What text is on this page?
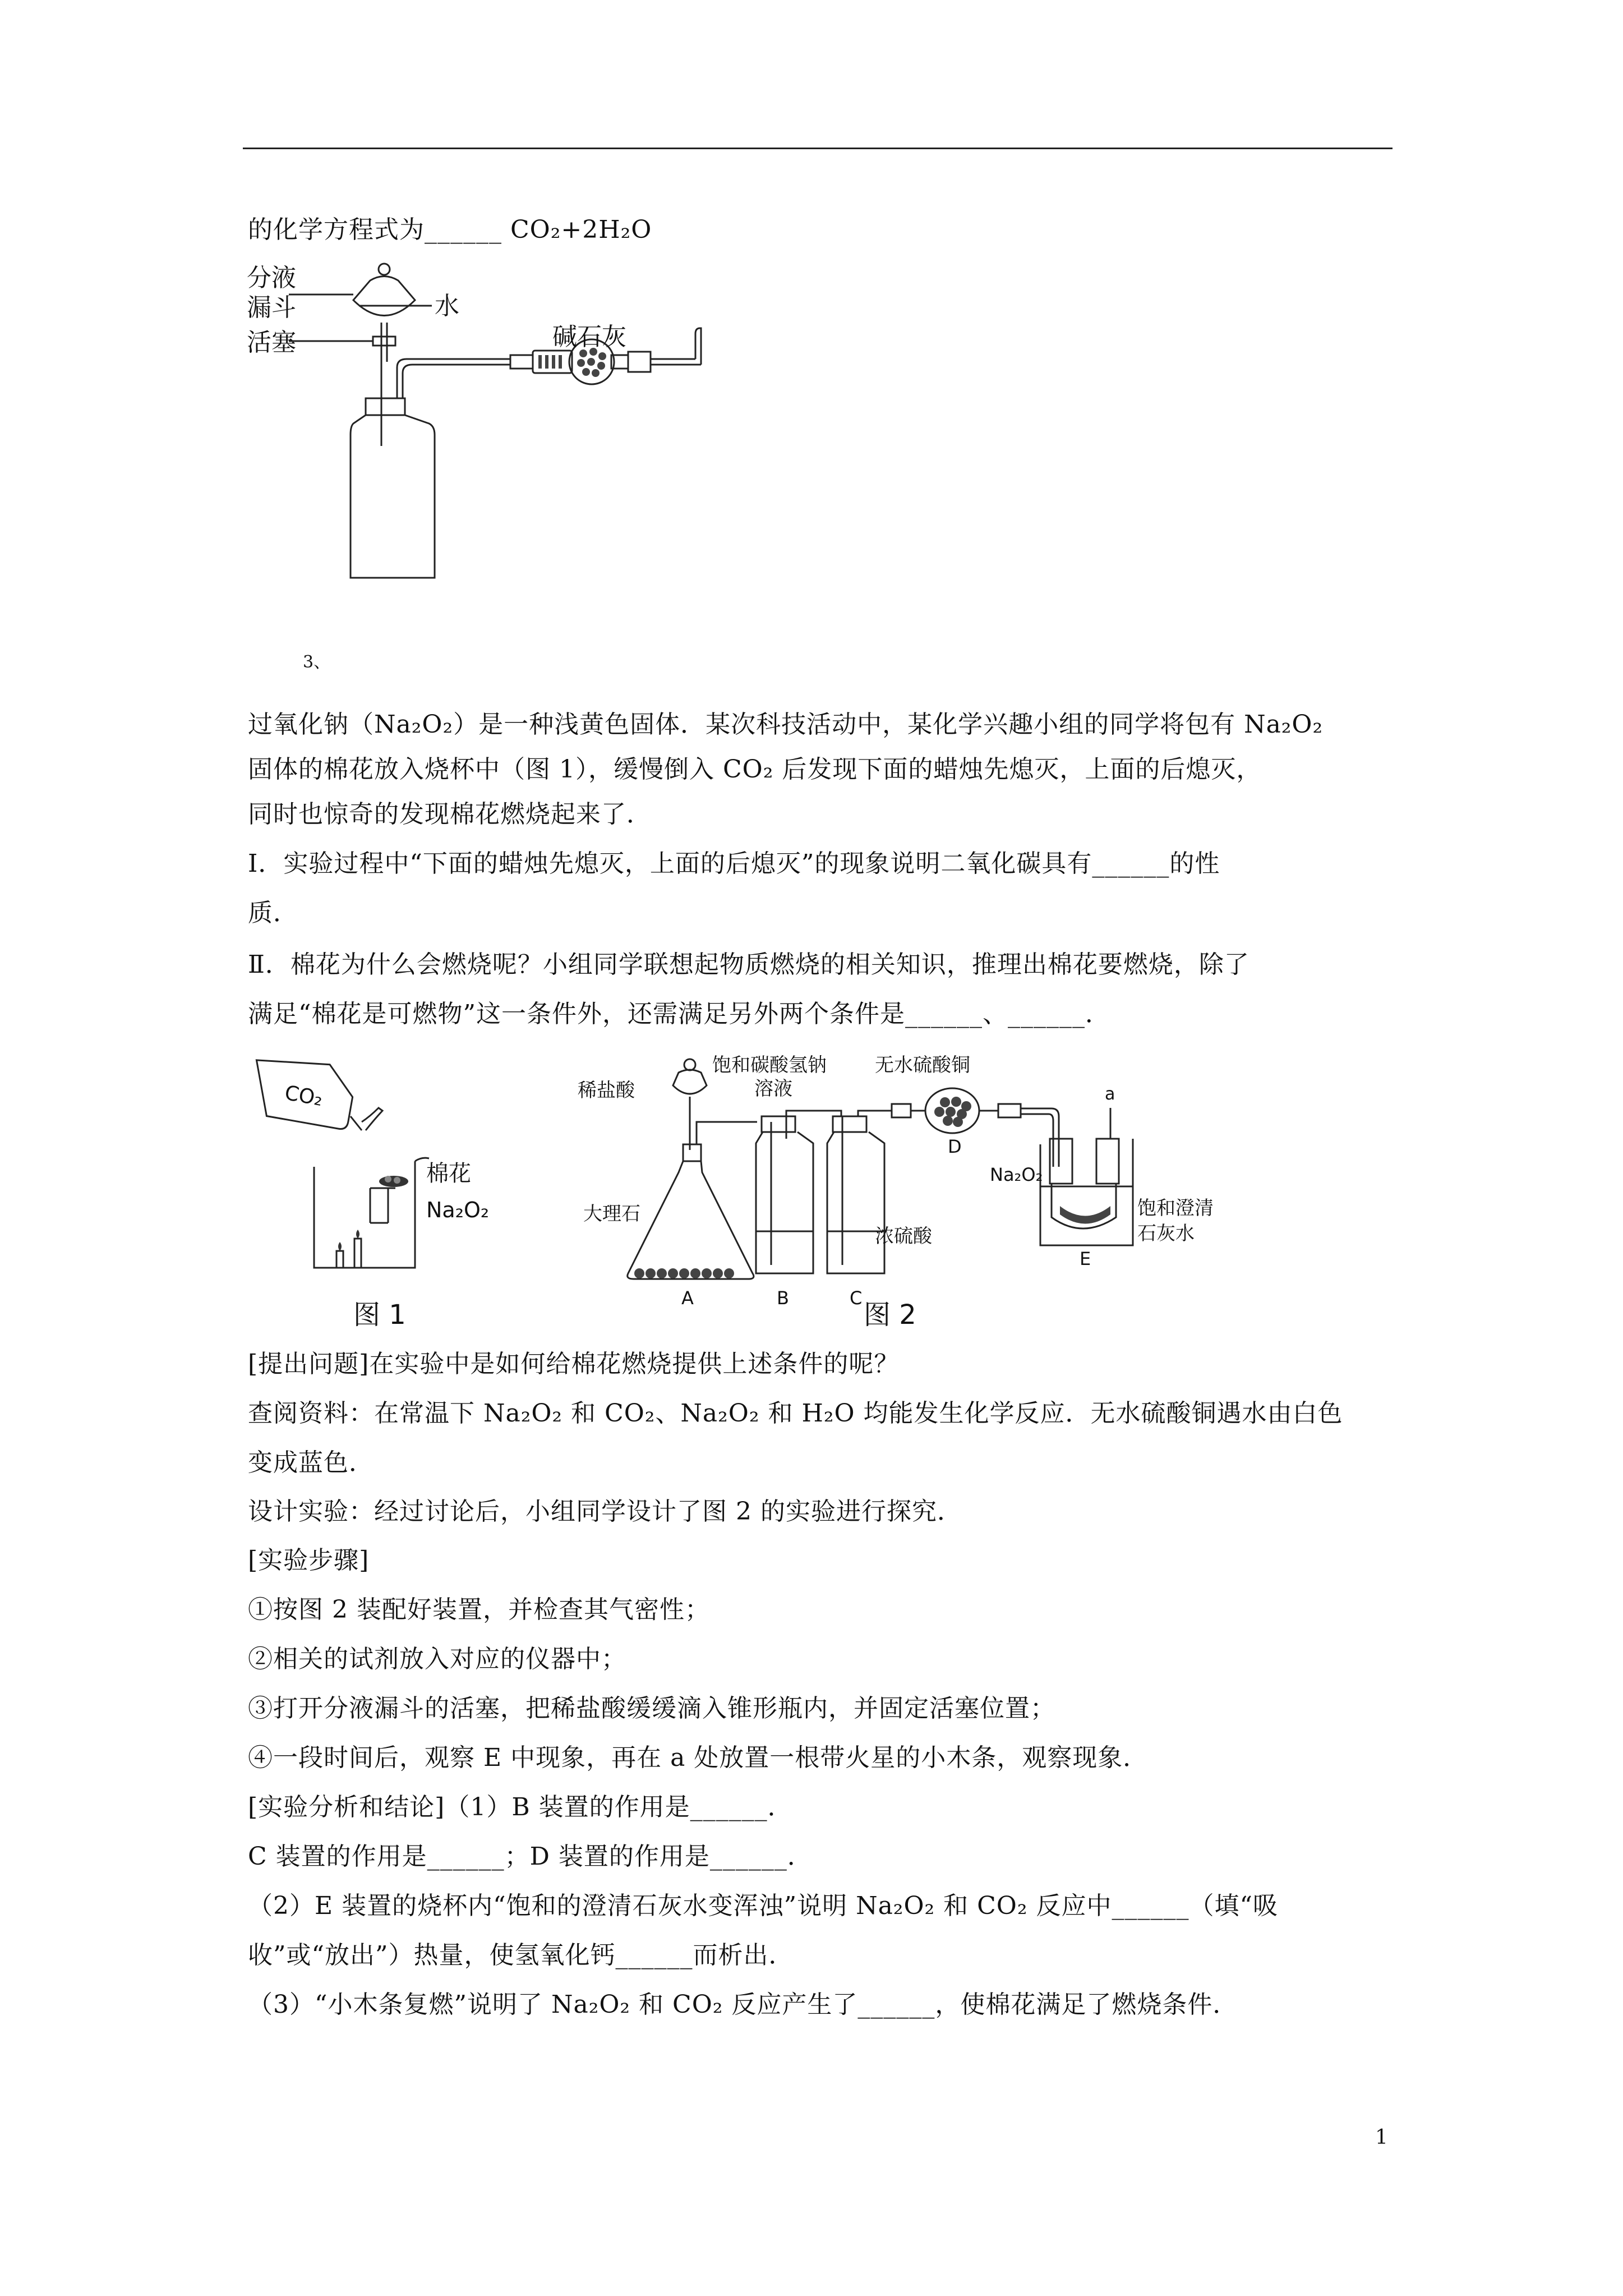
的化学方程式为______ CO₂+2H₂O
分液
漏斗
活塞
水
碱石灰
3、
过氧化钠（Na₂O₂）是一种浅黄色固体．某次科技活动中，某化学兴趣小组的同学将包有 Na₂O₂
固体的棉花放入烧杯中（图 1），缓慢倒入 CO₂ 后发现下面的蜡烛先熄灭，上面的后熄灭，
同时也惊奇的发现棉花燃烧起来了．
Ⅰ．实验过程中“下面的蜡烛先熄灭，上面的后熄灭”的现象说明二氧化碳具有______的性
质．
Ⅱ．棉花为什么会燃烧呢？小组同学联想起物质燃烧的相关知识，推理出棉花要燃烧，除了
满足“棉花是可燃物”这一条件外，还需满足另外两个条件是______、______．
CO₂
棉花
Na₂O₂
图 1
稀盐酸
饱和碳酸氢钠
溶液
无水硫酸铜
大理石
浓硫酸
Na₂O₂
饱和澄清
石灰水
a
A	B	C
D
E
图 2
[提出问题]在实验中是如何给棉花燃烧提供上述条件的呢？
查阅资料：在常温下 Na₂O₂ 和 CO₂、Na₂O₂ 和 H₂O 均能发生化学反应．无水硫酸铜遇水由白色
变成蓝色．
设计实验：经过讨论后，小组同学设计了图 2 的实验进行探究．
[实验步骤]
①按图 2 装配好装置，并检查其气密性；
②相关的试剂放入对应的仪器中；
③打开分液漏斗的活塞，把稀盐酸缓缓滴入锥形瓶内，并固定活塞位置；
④一段时间后，观察 E 中现象，再在 a 处放置一根带火星的小木条，观察现象．
[实验分析和结论]（1）B 装置的作用是______．
C 装置的作用是______；D 装置的作用是______．
（2）E 装置的烧杯内“饱和的澄清石灰水变浑浊”说明 Na₂O₂ 和 CO₂ 反应中______（填“吸
收”或“放出”）热量，使氢氧化钙______而析出．
（3）“小木条复燃”说明了 Na₂O₂ 和 CO₂ 反应产生了______，使棉花满足了燃烧条件．
1
